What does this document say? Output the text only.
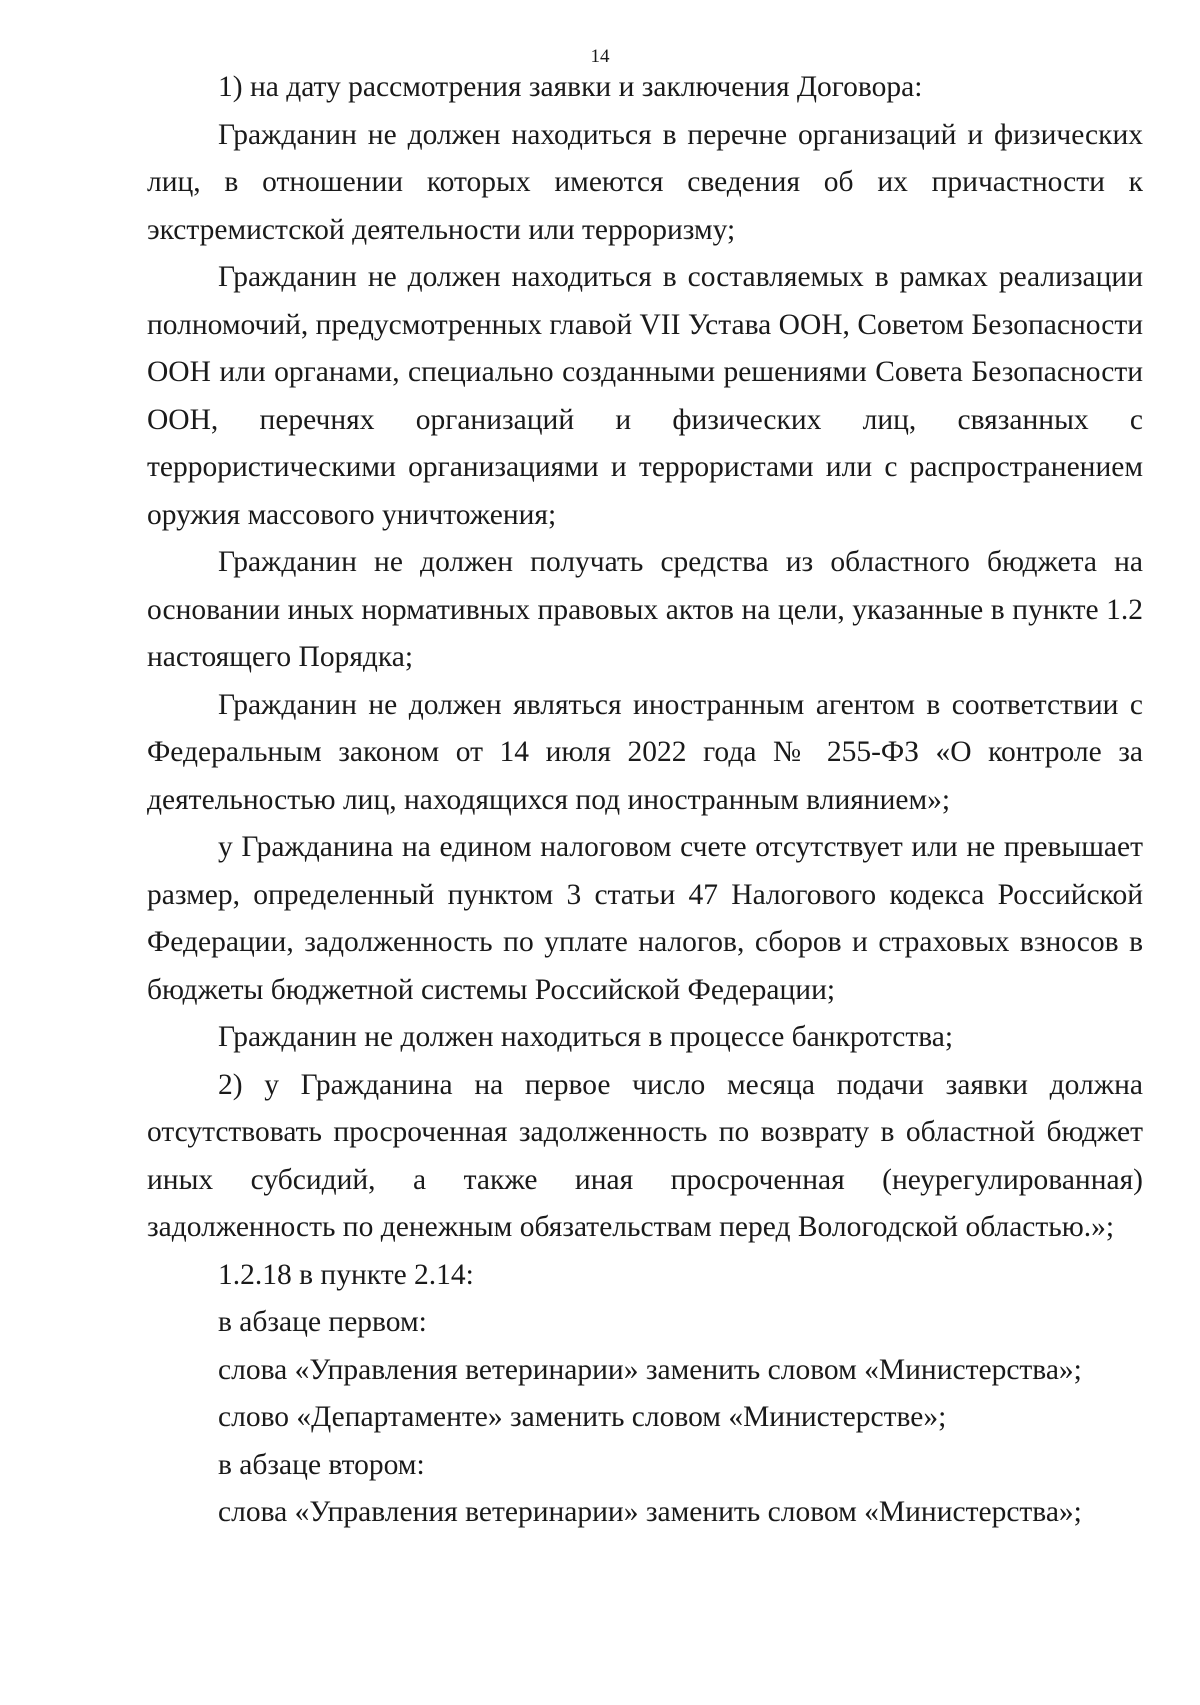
14

1) на дату рассмотрения заявки и заключения Договора:

Гражданин не должен находиться в перечне организаций и физических лиц, в отношении которых имеются сведения об их причастности к экстремистской деятельности или терроризму;

Гражданин не должен находиться в составляемых в рамках реализации полномочий, предусмотренных главой VII Устава ООН, Советом Безопасности ООН или органами, специально созданными решениями Совета Безопасности ООН, перечнях организаций и физических лиц, связанных с террористическими организациями и террористами или с распространением оружия массового уничтожения;

Гражданин не должен получать средства из областного бюджета на основании иных нормативных правовых актов на цели, указанные в пункте 1.2 настоящего Порядка;

Гражданин не должен являться иностранным агентом в соответствии с Федеральным законом от 14 июля 2022 года № 255-ФЗ «О контроле за деятельностью лиц, находящихся под иностранным влиянием»;

у Гражданина на едином налоговом счете отсутствует или не превышает размер, определенный пунктом 3 статьи 47 Налогового кодекса Российской Федерации, задолженность по уплате налогов, сборов и страховых взносов в бюджеты бюджетной системы Российской Федерации;

Гражданин не должен находиться в процессе банкротства;

2) у Гражданина на первое число месяца подачи заявки должна отсутствовать просроченная задолженность по возврату в областной бюджет иных субсидий, а также иная просроченная (неурегулированная) задолженность по денежным обязательствам перед Вологодской областью.»;

1.2.18 в пункте 2.14:

в абзаце первом:

слова «Управления ветеринарии» заменить словом «Министерства»;

слово «Департаменте» заменить словом «Министерстве»;

в абзаце втором:

слова «Управления ветеринарии» заменить словом «Министерства»;
